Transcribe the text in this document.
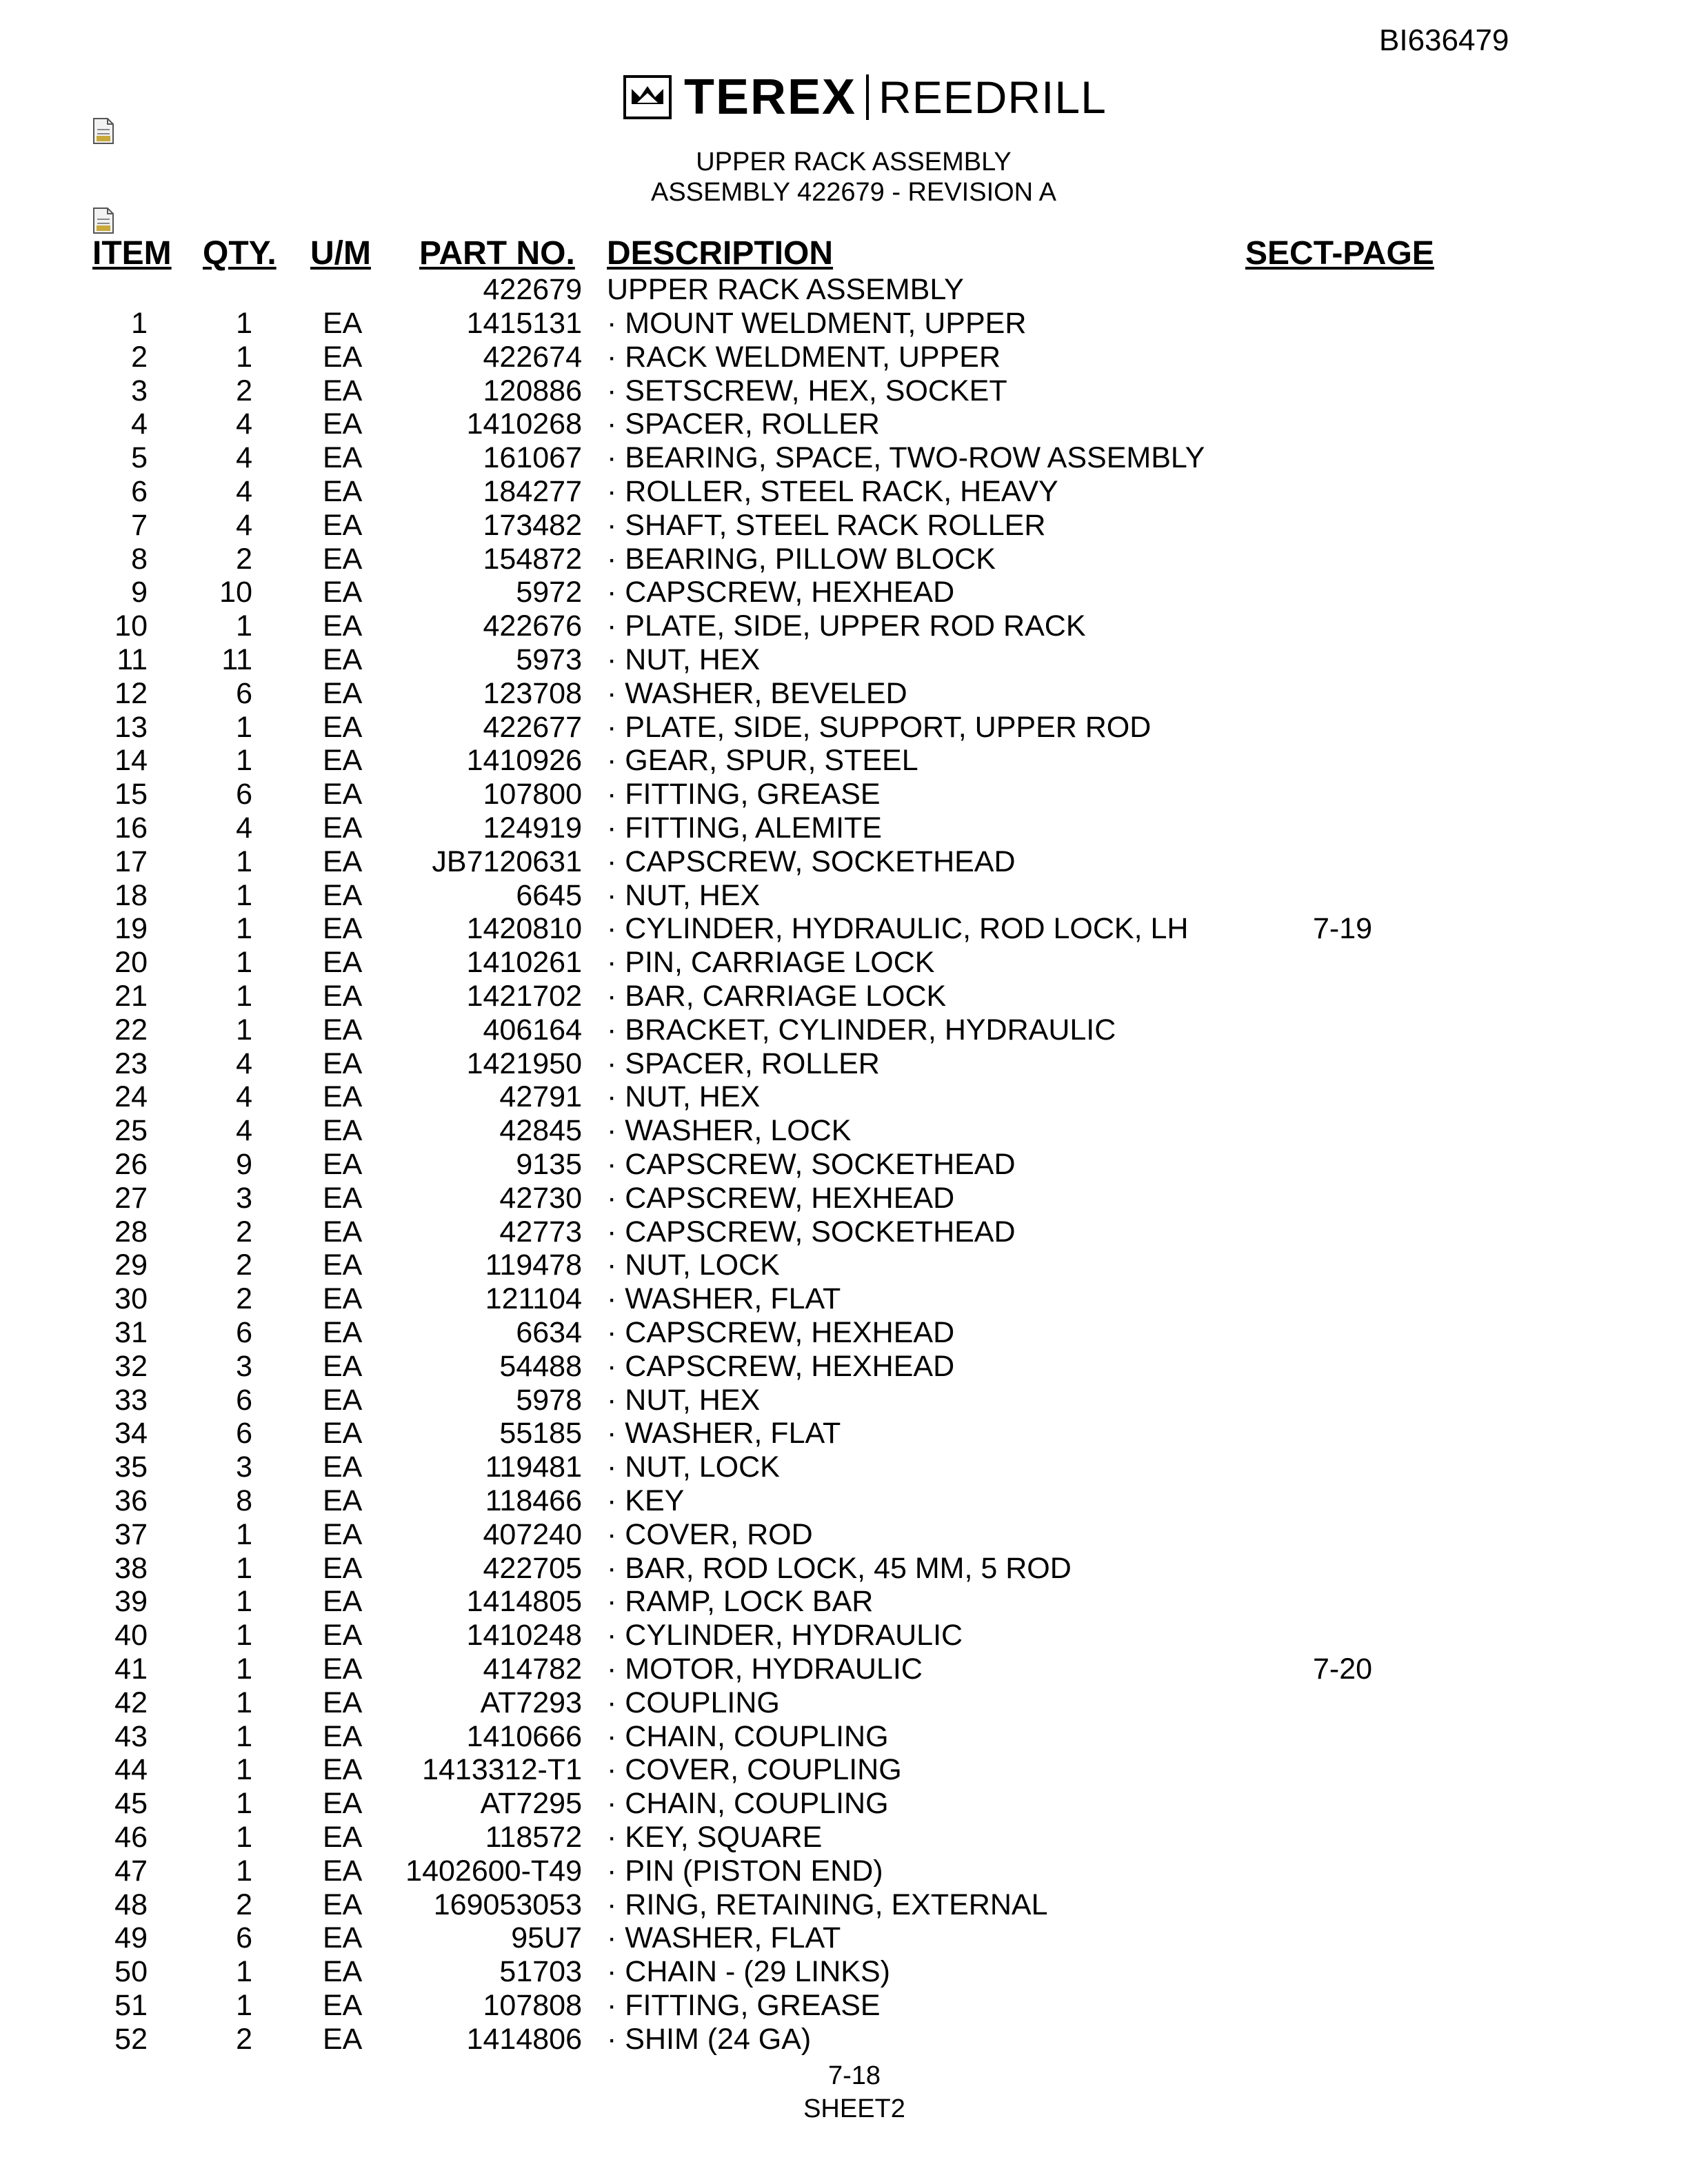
BI636479
TEREX REEDRILL
UPPER RACK ASSEMBLY
ASSEMBLY 422679 - REVISION A
ITEM QTY. U/M PART NO. DESCRIPTION	SECT-PAGE
422679 UPPER RACK ASSEMBLY
1	1 EA	1415131 · MOUNT WELDMENT, UPPER
2	1 EA	422674 · RACK WELDMENT, UPPER
3	2 EA	120886 · SETSCREW, HEX, SOCKET
4	4 EA	1410268 · SPACER, ROLLER
5	4 EA	161067 · BEARING, SPACE, TWO-ROW ASSEMBLY
6	4 EA	184277 · ROLLER, STEEL RACK, HEAVY
7	4 EA	173482 · SHAFT, STEEL RACK ROLLER
8	2 EA	154872 · BEARING, PILLOW BLOCK
9 10 EA	5972 · CAPSCREW, HEXHEAD
10	1 EA	422676 · PLATE, SIDE, UPPER ROD RACK
11 11 EA	5973 · NUT, HEX
12	6 EA	123708 · WASHER, BEVELED
13	1 EA	422677 · PLATE, SIDE, SUPPORT, UPPER ROD
14	1 EA	1410926 · GEAR, SPUR, STEEL
15	6 EA	107800 · FITTING, GREASE
16	4 EA	124919 · FITTING, ALEMITE
17	1 EA JB7120631 · CAPSCREW, SOCKETHEAD
18	1 EA	6645 · NUT, HEX
19	1 EA	1420810 · CYLINDER, HYDRAULIC, ROD LOCK, LH	7-19
20	1 EA	1410261 · PIN, CARRIAGE LOCK
21	1 EA	1421702 · BAR, CARRIAGE LOCK
22	1 EA	406164 · BRACKET, CYLINDER, HYDRAULIC
23	4 EA	1421950 · SPACER, ROLLER
24	4 EA	42791 · NUT, HEX
25	4 EA	42845 · WASHER, LOCK
26	9 EA	9135 · CAPSCREW, SOCKETHEAD
27	3 EA	42730 · CAPSCREW, HEXHEAD
28	2 EA	42773 · CAPSCREW, SOCKETHEAD
29	2 EA	119478 · NUT, LOCK
30	2 EA	121104 · WASHER, FLAT
31	6 EA	6634 · CAPSCREW, HEXHEAD
32	3 EA	54488 · CAPSCREW, HEXHEAD
33	6 EA	5978 · NUT, HEX
34	6 EA	55185 · WASHER, FLAT
35	3 EA	119481 · NUT, LOCK
36	8 EA	118466 · KEY
37	1 EA	407240 · COVER, ROD
38	1 EA	422705 · BAR, ROD LOCK, 45 MM, 5 ROD
39	1 EA	1414805 · RAMP, LOCK BAR
40	1 EA	1410248 · CYLINDER, HYDRAULIC
41	1 EA	414782 · MOTOR, HYDRAULIC	7-20
42	1 EA	AT7293 · COUPLING
43	1 EA	1410666 · CHAIN, COUPLING
44	1 EA 1413312-T1 · COVER, COUPLING
45	1 EA	AT7295 · CHAIN, COUPLING
46	1 EA	118572 · KEY, SQUARE
47	1 EA 1402600-T49 · PIN (PISTON END)
48	2 EA 169053053 · RING, RETAINING, EXTERNAL
49	6 EA	95U7 · WASHER, FLAT
50	1 EA	51703 · CHAIN - (29 LINKS)
51	1 EA	107808 · FITTING, GREASE
52	2 EA	1414806 · SHIM (24 GA)
7-18
SHEET2
